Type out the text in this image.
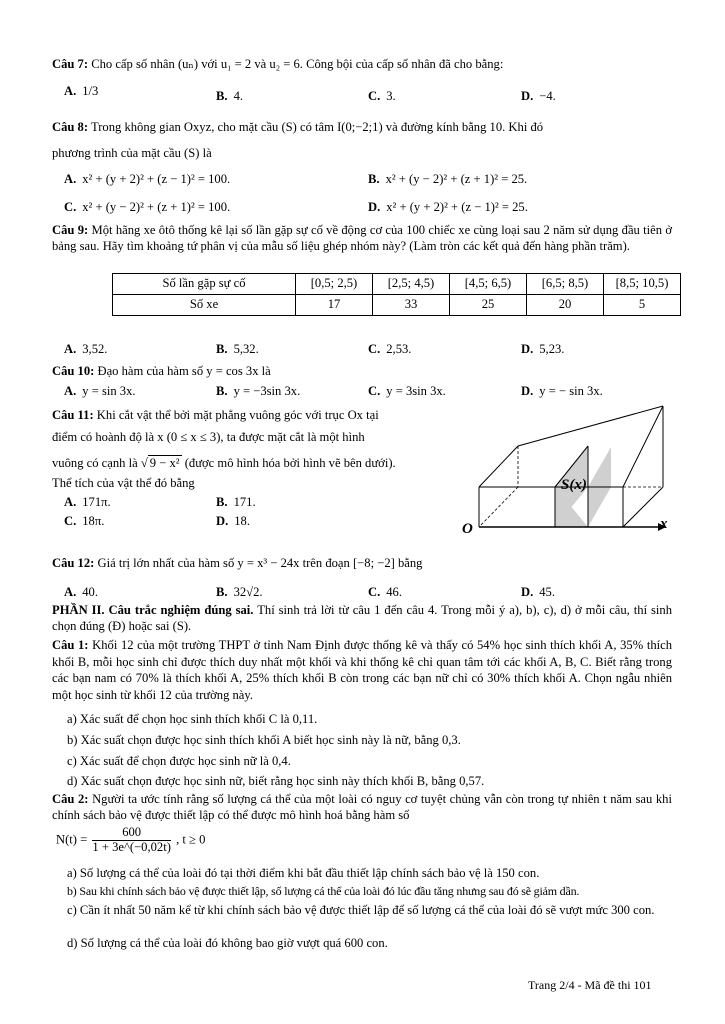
Câu 7: Cho cấp số nhân (uₙ) với u₁ = 2 và u₂ = 6. Công bội của cấp số nhân đã cho bằng:
A. 1/3	B. 4.	C. 3.	D. −4.
Câu 8: Trong không gian Oxyz, cho mặt cầu (S) có tâm I(0;−2;1) và đường kính bằng 10. Khi đó
phương trình của mặt cầu (S) là
A. x² + (y + 2)² + (z − 1)² = 100.	B. x² + (y − 2)² + (z + 1)² = 25.
C. x² + (y − 2)² + (z + 1)² = 100.	D. x² + (y + 2)² + (z − 1)² = 25.
Câu 9: Một hãng xe ôtô thống kê lại số lần gặp sự cố về động cơ của 100 chiếc xe cùng loại sau 2 năm sử dụng đầu tiên ở bảng sau. Hãy tìm khoảng tứ phân vị của mẫu số liệu ghép nhóm này? (Làm tròn các kết quả đến hàng phần trăm).
Số lần gặp sự cố	[0,5; 2,5)	[2,5; 4,5)	[4,5; 6,5)	[6,5; 8,5)	[8,5; 10,5)
Số xe	17	33	25	20	5
A. 3,52.	B. 5,32.	C. 2,53.	D. 5,23.
Câu 10: Đạo hàm của hàm số y = cos 3x là
A. y = sin 3x.	B. y = −3sin 3x.	C. y = 3sin 3x.	D. y = − sin 3x.
Câu 11: Khi cắt vật thể bởi mặt phẳng vuông góc với trục Ox tại
điểm có hoành độ là x (0 ≤ x ≤ 3), ta được mặt cắt là một hình
vuông có cạnh là √ 9 − x² (được mô hình hóa bởi hình vẽ bên dưới).
Thể tích của vật thể đó bằng
A. 171π.	B. 171.
C. 18π.	D. 18.
S(x)
O	x
Câu 12: Giá trị lớn nhất của hàm số y = x³ − 24x trên đoạn [−8; −2] bằng
A. 40.	B. 32√2.	C. 46.	D. 45.
PHẦN II. Câu trắc nghiệm đúng sai. Thí sinh trả lời từ câu 1 đến câu 4. Trong mỗi ý a), b), c), d) ở mỗi câu, thí sinh chọn đúng (Đ) hoặc sai (S).
Câu 1: Khối 12 của một trường THPT ở tỉnh Nam Định được thống kê và thấy có 54% học sinh thích khối A, 35% thích khối B, mỗi học sinh chỉ được thích duy nhất một khối và khi thống kê chỉ quan tâm tới các khối A, B, C. Biết rằng trong các bạn nam có 70% là thích khối A, 25% thích khối B còn trong các bạn nữ chỉ có 30% thích khối A. Chọn ngẫu nhiên một học sinh từ khối 12 của trường này.
a) Xác suất để chọn học sinh thích khối C là 0,11.
b) Xác suất chọn được học sinh thích khối A biết học sinh này là nữ, bằng 0,3.
c) Xác suất để chọn được học sinh nữ là 0,4.
d) Xác suất chọn được học sinh nữ, biết rằng học sinh này thích khối B, bằng 0,57.
Câu 2: Người ta ước tính rằng số lượng cá thể của một loài có nguy cơ tuyệt chủng vẫn còn trong tự nhiên t năm sau khi chính sách bảo vệ được thiết lập có thể được mô hình hoá bằng hàm số
$N(t) = \frac{600}{1 + 3e\^{}(-0,02t)}$ , t ≥ 0
a) Số lượng cá thể của loài đó tại thời điểm khi bắt đầu thiết lập chính sách bảo vệ là 150 con.
b) Sau khi chính sách bảo vệ được thiết lập, số lượng cá thể của loài đó lúc đầu tăng nhưng sau đó sẽ giảm dần.
c) Cần ít nhất 50 năm kể từ khi chính sách bảo vệ được thiết lập để số lượng cá thể của loài đó sẽ vượt mức 300 con.
d) Số lượng cá thể của loài đó không bao giờ vượt quá 600 con.
Trang 2/4 - Mã đề thi 101
